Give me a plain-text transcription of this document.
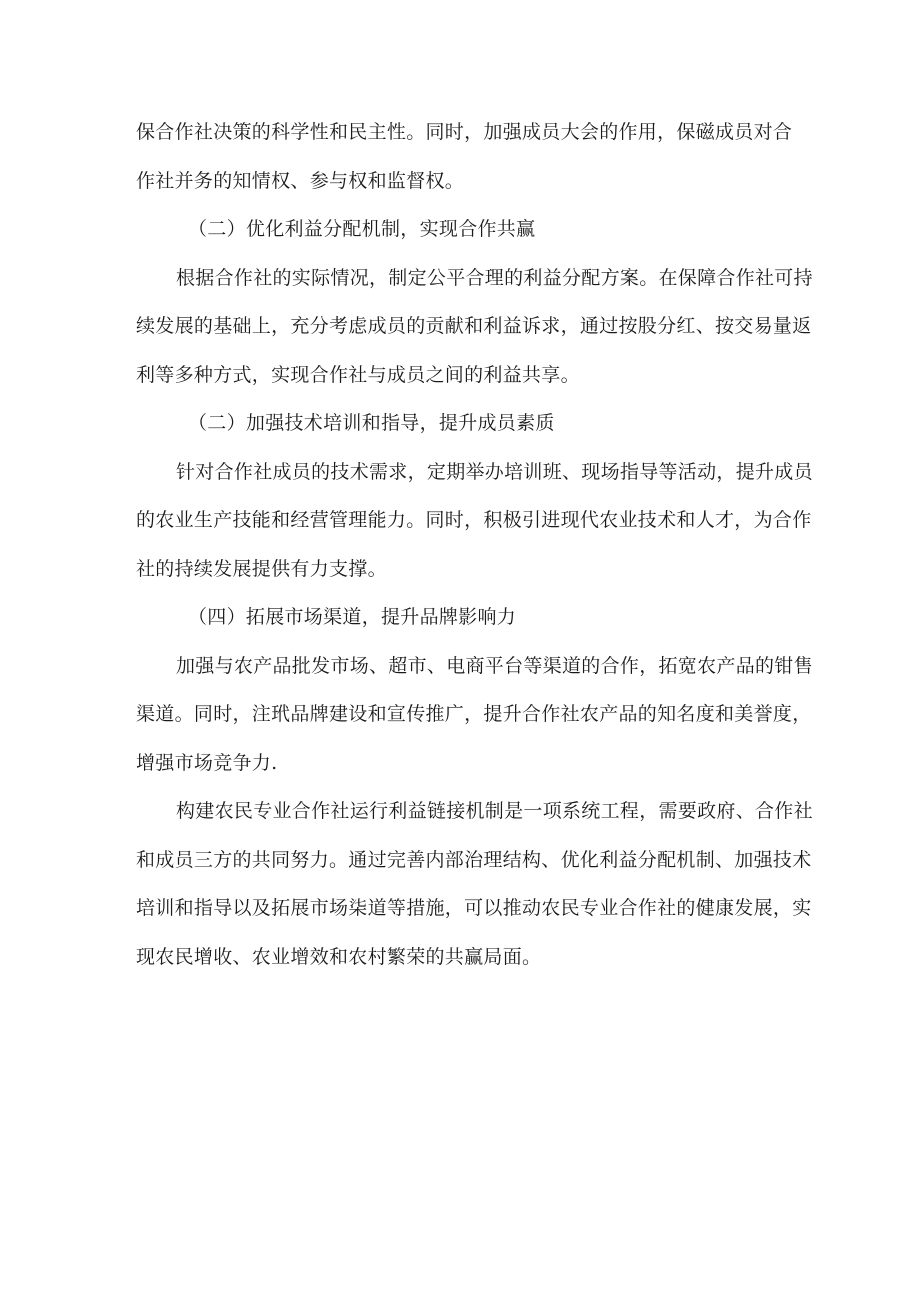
保合作社决策的科学性和民主性。同时，加强成员大会的作用，保磁成员对合

作社并务的知情权、参与权和监督权。

（二）优化利益分配机制，实现合作共赢

根据合作社的实际情况，制定公平合理的利益分配方案。在保障合作社可持

续发展的基础上，充分考虑成员的贡献和利益诉求，通过按股分红、按交易量返

利等多种方式，实现合作社与成员之间的利益共享。

（二）加强技术培训和指导，提升成员素质

针对合作社成员的技术需求，定期举办培训班、现场指导等活动，提升成员

的农业生产技能和经营管理能力。同时，积极引进现代农业技术和人才，为合作

社的持续发展提供有力支撑。

（四）拓展市场渠道，提升品牌影响力

加强与农产品批发市场、超市、电商平台等渠道的合作，拓宽农产品的钳售

渠道。同时，注玳品牌建设和宣传推广，提升合作社农产品的知名度和美誉度，

增强市场竞争力.

构建农民专业合作社运行利益链接机制是一项系统工程，需要政府、合作社

和成员三方的共同努力。通过完善内部治理结构、优化利益分配机制、加强技术

培训和指导以及拓展市场柒道等措施，可以推动农民专业合作社的健康发展，实

现农民增收、农业增效和农村繁荣的共赢局面。
